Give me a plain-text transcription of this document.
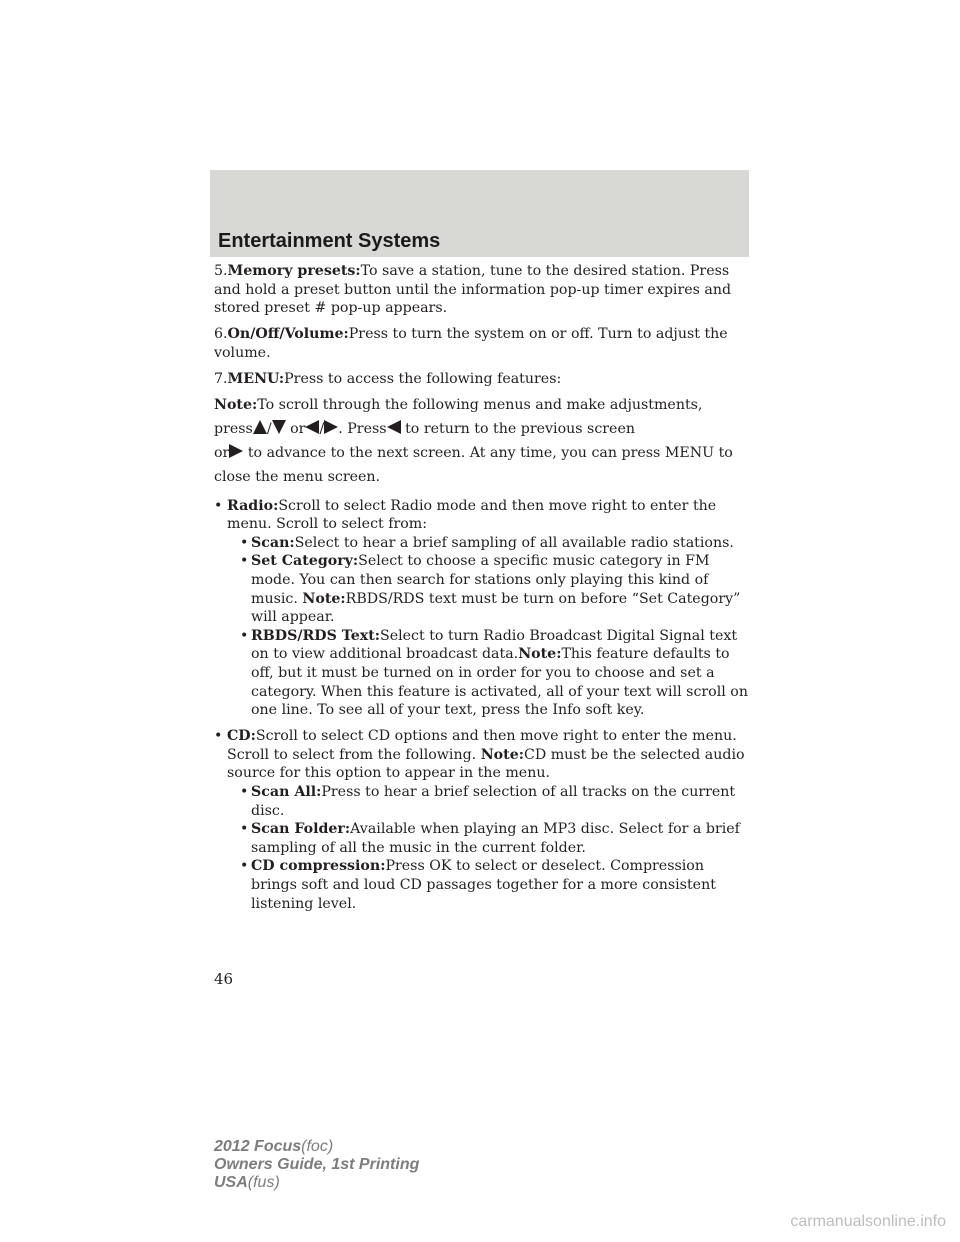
Entertainment Systems

5.Memory presets:To save a station, tune to the desired station. Press and hold a preset button until the information pop-up timer expires and stored preset # pop-up appears.

6.On/Off/Volume:Press to turn the system on or off. Turn to adjust the volume.

7.MENU:Press to access the following features:

Note:To scroll through the following menus and make adjustments,
press / or / . Press to return to the previous screen
or to advance to the next screen. At any time, you can press MENU to close the menu screen.

• Radio:Scroll to select Radio mode and then move right to enter the menu. Scroll to select from:
• Scan:Select to hear a brief sampling of all available radio stations.
• Set Category:Select to choose a specific music category in FM mode. You can then search for stations only playing this kind of music. Note:RBDS/RDS text must be turn on before “Set Category” will appear.
• RBDS/RDS Text:Select to turn Radio Broadcast Digital Signal text on to view additional broadcast data.Note:This feature defaults to off, but it must be turned on in order for you to choose and set a category. When this feature is activated, all of your text will scroll on one line. To see all of your text, press the Info soft key.
• CD:Scroll to select CD options and then move right to enter the menu. Scroll to select from the following. Note:CD must be the selected audio source for this option to appear in the menu.
• Scan All:Press to hear a brief selection of all tracks on the current disc.
• Scan Folder:Available when playing an MP3 disc. Select for a brief sampling of all the music in the current folder.
• CD compression:Press OK to select or deselect. Compression brings soft and loud CD passages together for a more consistent listening level.
46
2012 Focus(foc)
Owners Guide, 1st Printing
USA(fus)
carmanualsonline.info
